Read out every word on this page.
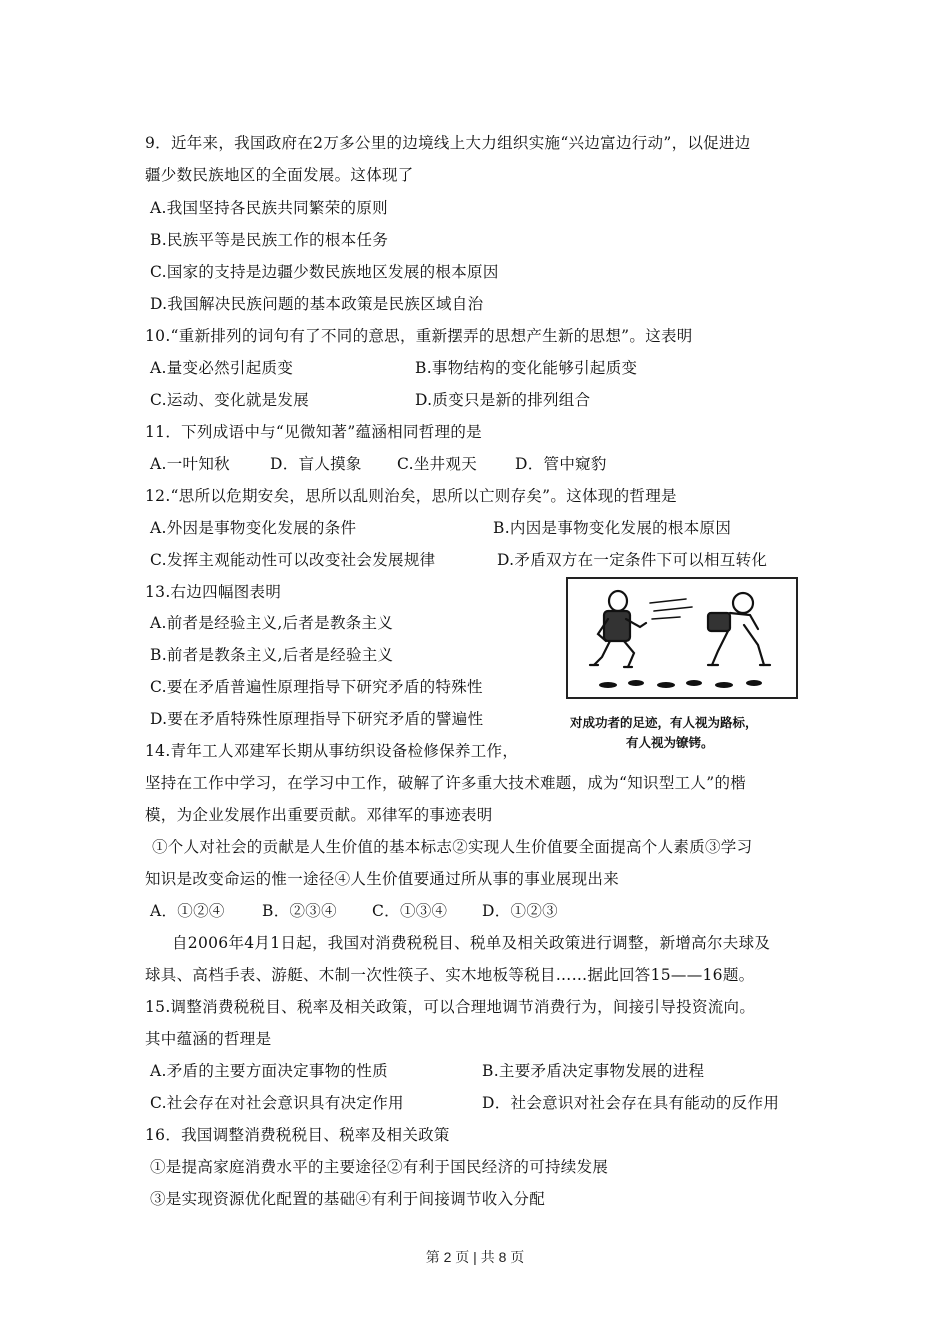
9．近年来，我国政府在2万多公里的边境线上大力组织实施“兴边富边行动”，以促进边
疆少数民族地区的全面发展。这体现了
A.我国坚持各民族共同繁荣的原则
B.民族平等是民族工作的根本任务
C.国家的支持是边疆少数民族地区发展的根本原因
D.我国解决民族问题的基本政策是民族区域自治
10.“重新排列的词句有了不同的意思，重新摆弄的思想产生新的思想”。这表明
A.量变必然引起质变	B.事物结构的变化能够引起质变
C.运动、变化就是发展	D.质变只是新的排列组合
11．下列成语中与“见微知著”蕴涵相同哲理的是
A.一叶知秋	D．盲人摸象 C.坐井观天 D．管中窥豹
12.“思所以危期安矣，思所以乱则治矣，思所以亡则存矣”。这体现的哲理是
A.外因是事物变化发展的条件	B.内因是事物变化发展的根本原因
C.发挥主观能动性可以改变社会发展规律	D.矛盾双方在一定条件下可以相互转化
13.右边四幅图表明
A.前者是经验主义,后者是教条主义
B.前者是教条主义,后者是经验主义
C.要在矛盾普遍性原理指导下研究矛盾的特殊性
D.要在矛盾特殊性原理指导下研究矛盾的譬遍性	对成功者的足迹，有人视为路标，
有人视为镣铐。
14.青年工人邓建军长期从事纺织设备检修保养工作，
坚持在工作中学习，在学习中工作，破解了许多重大技术难题，成为“知识型工人”的楷
模，为企业发展作出重要贡献。邓律军的事迹表明
①个人对社会的贡献是人生价值的基本标志②实现人生价值要全面提高个人素质③学习
知识是改变命运的惟一途径④人生价值要通过所从事的事业展现出来
A．①②④ B．②③④ C．①③④ D．①②③
自2006年4月1日起，我国对消费税税目、税单及相关政策进行调整，新增高尔夫球及
球具、高档手表、游艇、木制一次性筷子、实木地板等税目……据此回答15——16题。
15.调整消费税税目、税率及相关政策，可以合理地调节消费行为，间接引导投资流向。
其中蕴涵的哲理是
A.矛盾的主要方面决定事物的性质	B.主要矛盾决定事物发展的进程
C.社会存在对社会意识具有决定作用	D．社会意识对社会存在具有能动的反作用
16．我国调整消费税税目、税率及相关政策
①是提高家庭消费水平的主要途径②有利于国民经济的可持续发展
③是实现资源优化配置的基础④有利于间接调节收入分配
第 2 页 | 共 8 页
